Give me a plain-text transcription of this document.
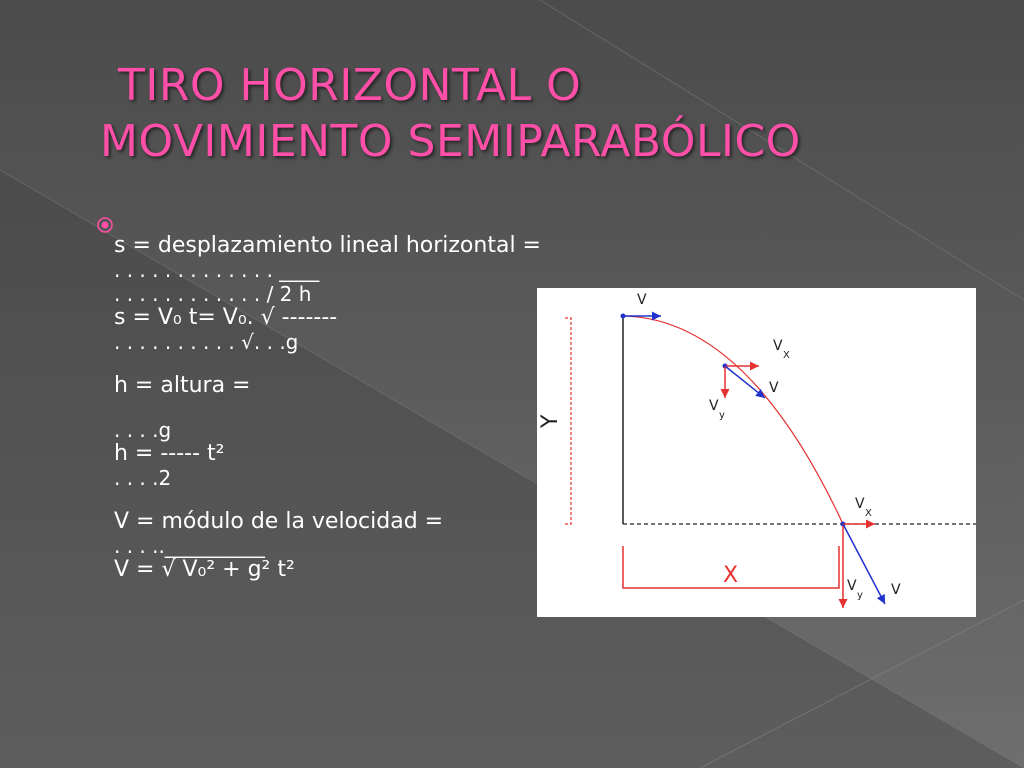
TIRO HORIZONTAL O
MOVIMIENTO SEMIPARABÓLICO
s = desplazamiento lineal horizontal =
. . . . . . . . . . . . . ____
. . . . . . . . . . . . / 2 h
s = V₀ t= V₀. √ -------
. . . . . . . . . . √. . .g
h = altura =
. . . .g
h = ----- t²
. . . .2
V = módulo de la velocidad =
. . . ..__________
V = √ V₀² + g² t²
Y
X
V
V
X
V
V
y
V
X
V
y V
